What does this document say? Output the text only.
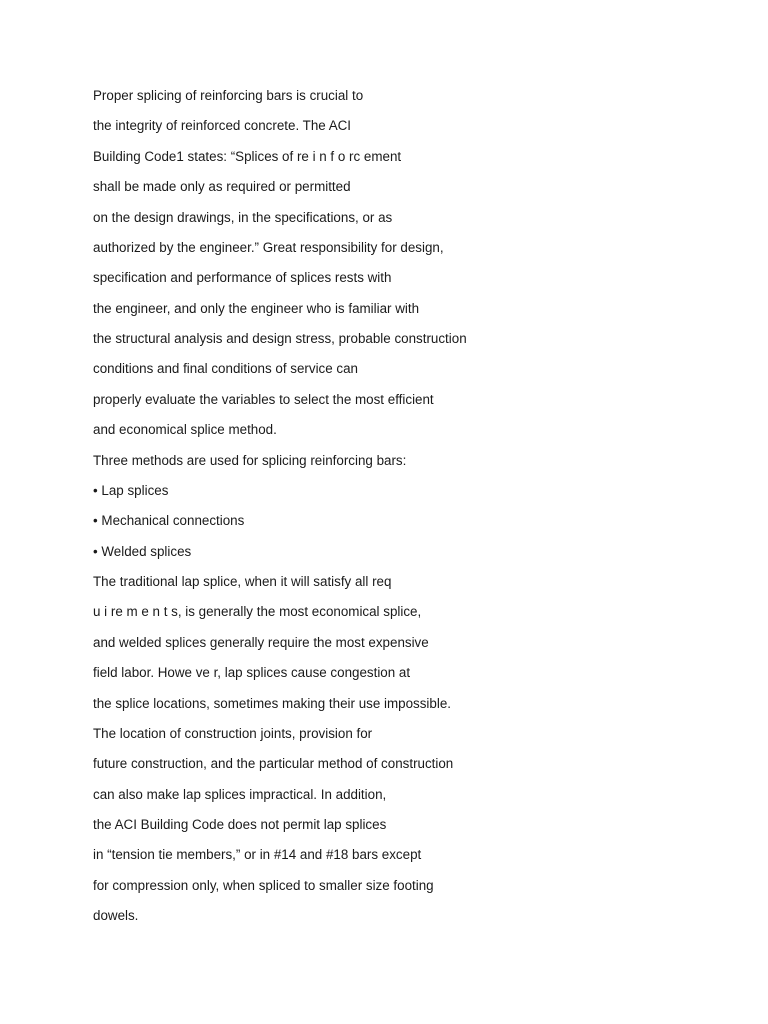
Proper splicing of reinforcing bars is crucial to
the integrity of reinforced concrete. The ACI
Building Code1 states: “Splices of re i n f o rc ement
shall be made only as required or permitted
on the design drawings, in the specifications, or as
authorized by the engineer.” Great responsibility for design,
specification and performance of splices rests with
the engineer, and only the engineer who is familiar with
the structural analysis and design stress, probable construction
conditions and final conditions of service can
properly evaluate the variables to select the most efficient
and economical splice method.
Three methods are used for splicing reinforcing bars:
• Lap splices
• Mechanical connections
• Welded splices
The traditional lap splice, when it will satisfy all req
u i re m e n t s, is generally the most economical splice,
and welded splices generally require the most expensive
field labor. Howe ve r, lap splices cause congestion at
the splice locations, sometimes making their use impossible.
The location of construction joints, provision for
future construction, and the particular method of construction
can also make lap splices impractical. In addition,
the ACI Building Code does not permit lap splices
in “tension tie members,” or in #14 and #18 bars except
for compression only, when spliced to smaller size footing
dowels.
